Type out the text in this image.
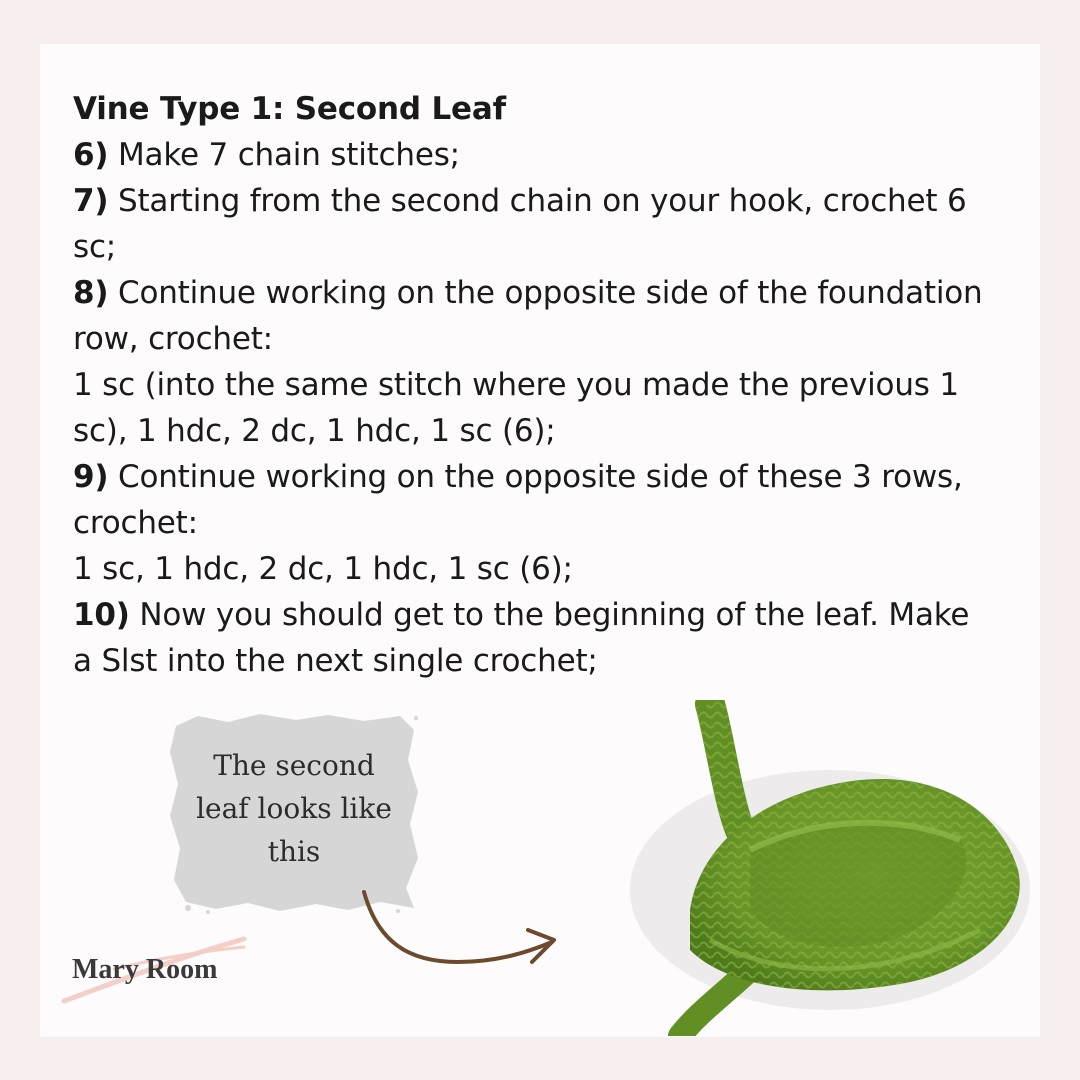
Vine Type 1: Second Leaf
6) Make 7 chain stitches;
7) Starting from the second chain on your hook, crochet 6 sc;
8) Continue working on the opposite side of the foundation row, crochet:
1 sc (into the same stitch where you made the previous 1 sc), 1 hdc, 2 dc, 1 hdc, 1 sc (6);
9) Continue working on the opposite side of these 3 rows, crochet:
1 sc, 1 hdc, 2 dc, 1 hdc, 1 sc (6);
10) Now you should get to the beginning of the leaf. Make a Slst into the next single crochet;
The second
leaf looks like
this
Mary Room
